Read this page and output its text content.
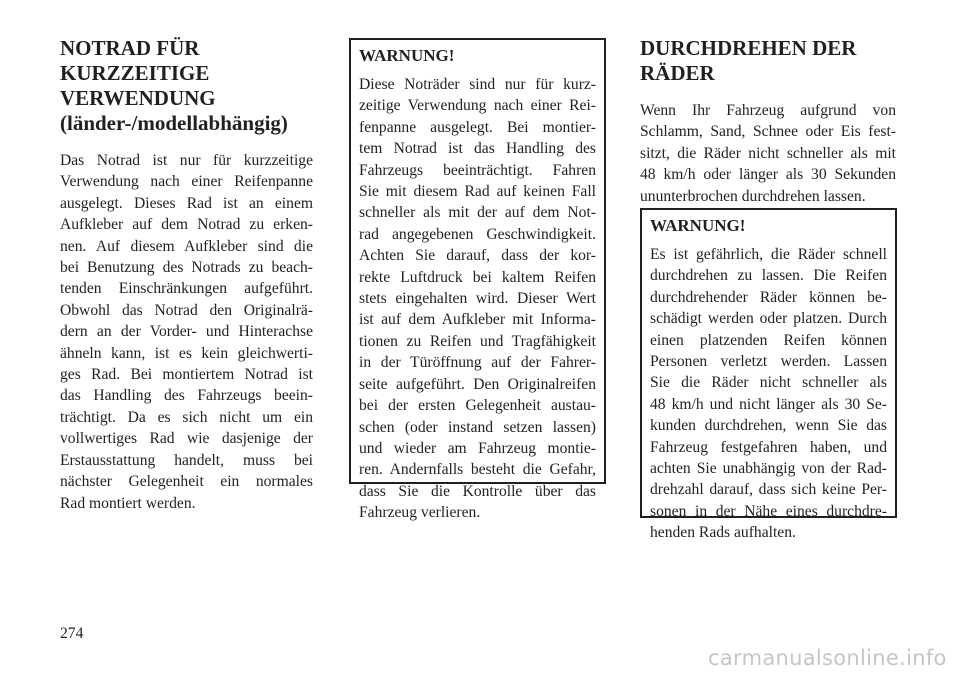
NOTRAD FÜR
KURZZEITIGE
VERWENDUNG
(länder-/modellabhängig)
Das Notrad ist nur für kurzzeitige
Verwendung nach einer Reifenpanne
ausgelegt. Dieses Rad ist an einem
Aufkleber auf dem Notrad zu erken-
nen. Auf diesem Aufkleber sind die
bei Benutzung des Notrads zu beach-
tenden Einschränkungen aufgeführt.
Obwohl das Notrad den Originalrä-
dern an der Vorder- und Hinterachse
ähneln kann, ist es kein gleichwerti-
ges Rad. Bei montiertem Notrad ist
das Handling des Fahrzeugs beein-
trächtigt. Da es sich nicht um ein
vollwertiges Rad wie dasjenige der
Erstausstattung handelt, muss bei
nächster Gelegenheit ein normales
Rad montiert werden.
WARNUNG!
Diese Noträder sind nur für kurz-
zeitige Verwendung nach einer Rei-
fenpanne ausgelegt. Bei montier-
tem Notrad ist das Handling des
Fahrzeugs beeinträchtigt. Fahren
Sie mit diesem Rad auf keinen Fall
schneller als mit der auf dem Not-
rad angegebenen Geschwindigkeit.
Achten Sie darauf, dass der kor-
rekte Luftdruck bei kaltem Reifen
stets eingehalten wird. Dieser Wert
ist auf dem Aufkleber mit Informa-
tionen zu Reifen und Tragfähigkeit
in der Türöffnung auf der Fahrer-
seite aufgeführt. Den Originalreifen
bei der ersten Gelegenheit austau-
schen (oder instand setzen lassen)
und wieder am Fahrzeug montie-
ren. Andernfalls besteht die Gefahr,
dass Sie die Kontrolle über das
Fahrzeug verlieren.
DURCHDREHEN DER
RÄDER
Wenn Ihr Fahrzeug aufgrund von
Schlamm, Sand, Schnee oder Eis fest-
sitzt, die Räder nicht schneller als mit
48 km/h oder länger als 30 Sekunden
ununterbrochen durchdrehen lassen.
WARNUNG!
Es ist gefährlich, die Räder schnell
durchdrehen zu lassen. Die Reifen
durchdrehender Räder können be-
schädigt werden oder platzen. Durch
einen platzenden Reifen können
Personen verletzt werden. Lassen
Sie die Räder nicht schneller als
48 km/h und nicht länger als 30 Se-
kunden durchdrehen, wenn Sie das
Fahrzeug festgefahren haben, und
achten Sie unabhängig von der Rad-
drehzahl darauf, dass sich keine Per-
sonen in der Nähe eines durchdre-
henden Rads aufhalten.
274
carmanualsonline.info
